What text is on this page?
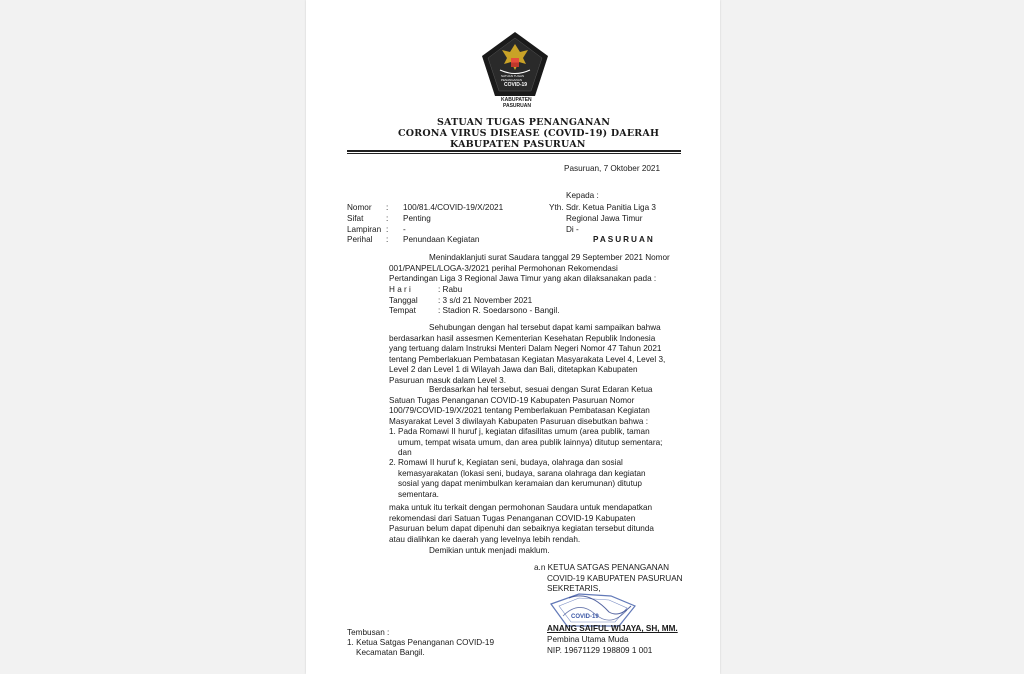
SATUAN TUGAS
PENANGANAN
COVID-19
KABUPATEN
PASURUAN
SATUAN TUGAS PENANGANAN
CORONA VIRUS DISEASE (COVID-19) DAERAH
KABUPATEN PASURUAN
Pasuruan, 7 Oktober 2021
Kepada :
Yth. Sdr. Ketua Panitia Liga 3
Regional Jawa Timur
Di -
PASURUAN
Nomor : 100/81.4/COVID-19/X/2021
Sifat	: Penting
Lampiran : -
Perihal : Penundaan Kegiatan
Menindaklanjuti surat Saudara tanggal 29 September 2021 Nomor
001/PANPEL/LOGA-3/2021 perihal Permohonan Rekomendasi
Pertandingan Liga 3 Regional Jawa Timur yang akan dilaksanakan pada :
H a r i	: Rabu
Tanggal : 3 s/d 21 November 2021
Tempat	: Stadion R. Soedarsono - Bangil.
Sehubungan dengan hal tersebut dapat kami sampaikan bahwa
berdasarkan hasil assesmen Kementerian Kesehatan Republik Indonesia
yang tertuang dalam Instruksi Menteri Dalam Negeri Nomor 47 Tahun 2021
tentang Pemberlakuan Pembatasan Kegiatan Masyarakata Level 4, Level 3,
Level 2 dan Level 1 di Wilayah Jawa dan Bali, ditetapkan Kabupaten
Pasuruan masuk dalam Level 3.
Berdasarkan hal tersebut, sesuai dengan Surat Edaran Ketua
Satuan Tugas Penanganan COVID-19 Kabupaten Pasuruan Nomor
100/79/COVID-19/X/2021 tentang Pemberlakuan Pembatasan Kegiatan
Masyarakat Level 3 diwilayah Kabupaten Pasuruan disebutkan bahwa :
1. Pada Romawi II huruf j, kegiatan difasilitas umum (area publik, taman
umum, tempat wisata umum, dan area publik lainnya) ditutup sementara;
dan
2. Romawi II huruf k, Kegiatan seni, budaya, olahraga dan sosial
kemasyarakatan (lokasi seni, budaya, sarana olahraga dan kegiatan
sosial yang dapat menimbulkan keramaian dan kerumunan) ditutup
sementara.
maka untuk itu terkait dengan permohonan Saudara untuk mendapatkan
rekomendasi dari Satuan Tugas Penanganan COVID-19 Kabupaten
Pasuruan belum dapat dipenuhi dan sebaiknya kegiatan tersebut ditunda
atau dialihkan ke daerah yang levelnya lebih rendah.
Demikian untuk menjadi maklum.
a.n KETUA SATGAS PENANGANAN
COVID-19 KABUPATEN PASURUAN
SEKRETARIS,
COVID-19
ANANG SAIFUL WIJAYA, SH, MM.
Pembina Utama Muda
NIP. 19671129 198809 1 001
Tembusan :
1. Ketua Satgas Penanganan COVID-19
Kecamatan Bangil.
